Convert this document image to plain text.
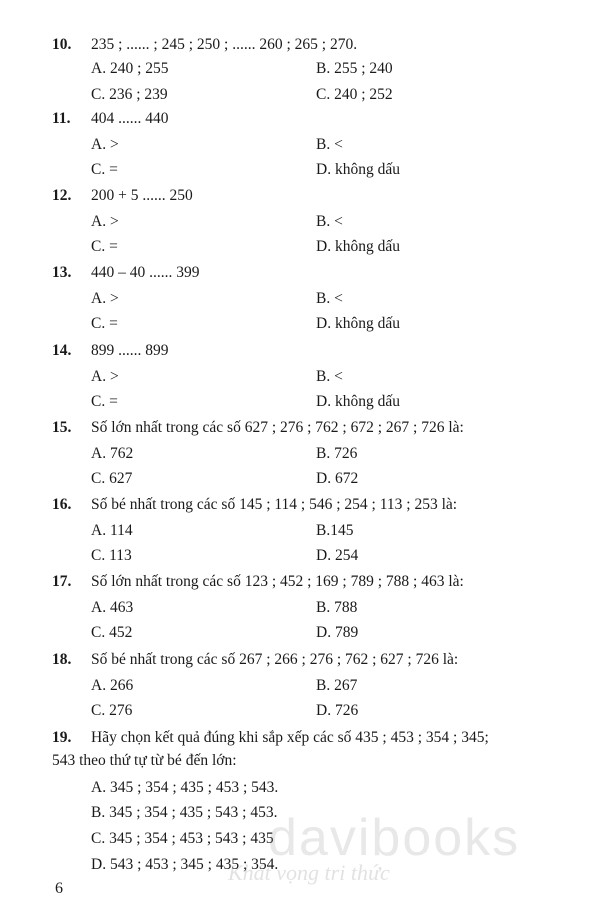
10. 235 ; ...... ; 245 ; 250 ; ...... 260 ; 265 ; 270.
A. 240 ; 255	B. 255 ; 240
C. 236 ; 239	C. 240 ; 252
11. 404 ...... 440
A. >	B. <
C. =	D. không dấu
12. 200 + 5 ...... 250
A. >	B. <
C. =	D. không dấu
13. 440 – 40 ...... 399
A. >	B. <
C. =	D. không dấu
14. 899 ...... 899
A. >	B. <
C. =	D. không dấu
15. Số lớn nhất trong các số 627 ; 276 ; 762 ; 672 ; 267 ; 726 là:
A. 762	B. 726
C. 627	D. 672
16. Số bé nhất trong các số 145 ; 114 ; 546 ; 254 ; 113 ; 253 là:
A. 114	B.145
C. 113	D. 254
17. Số lớn nhất trong các số 123 ; 452 ; 169 ; 789 ; 788 ; 463 là:
A. 463	B. 788
C. 452	D. 789
18. Số bé nhất trong các số 267 ; 266 ; 276 ; 762 ; 627 ; 726 là:
A. 266	B. 267
C. 276	D. 726
19. Hãy chọn kết quả đúng khi sắp xếp các số 435 ; 453 ; 354 ; 345;
543 theo thứ tự từ bé đến lớn:
A. 345 ; 354 ; 435 ; 453 ; 543.
B. 345 ; 354 ; 435 ; 543 ; 453.
C. 345 ; 354 ; 453 ; 543 ; 435
D. 543 ; 453 ; 345 ; 435 ; 354.
davibooks
Khát vọng tri thức
6
